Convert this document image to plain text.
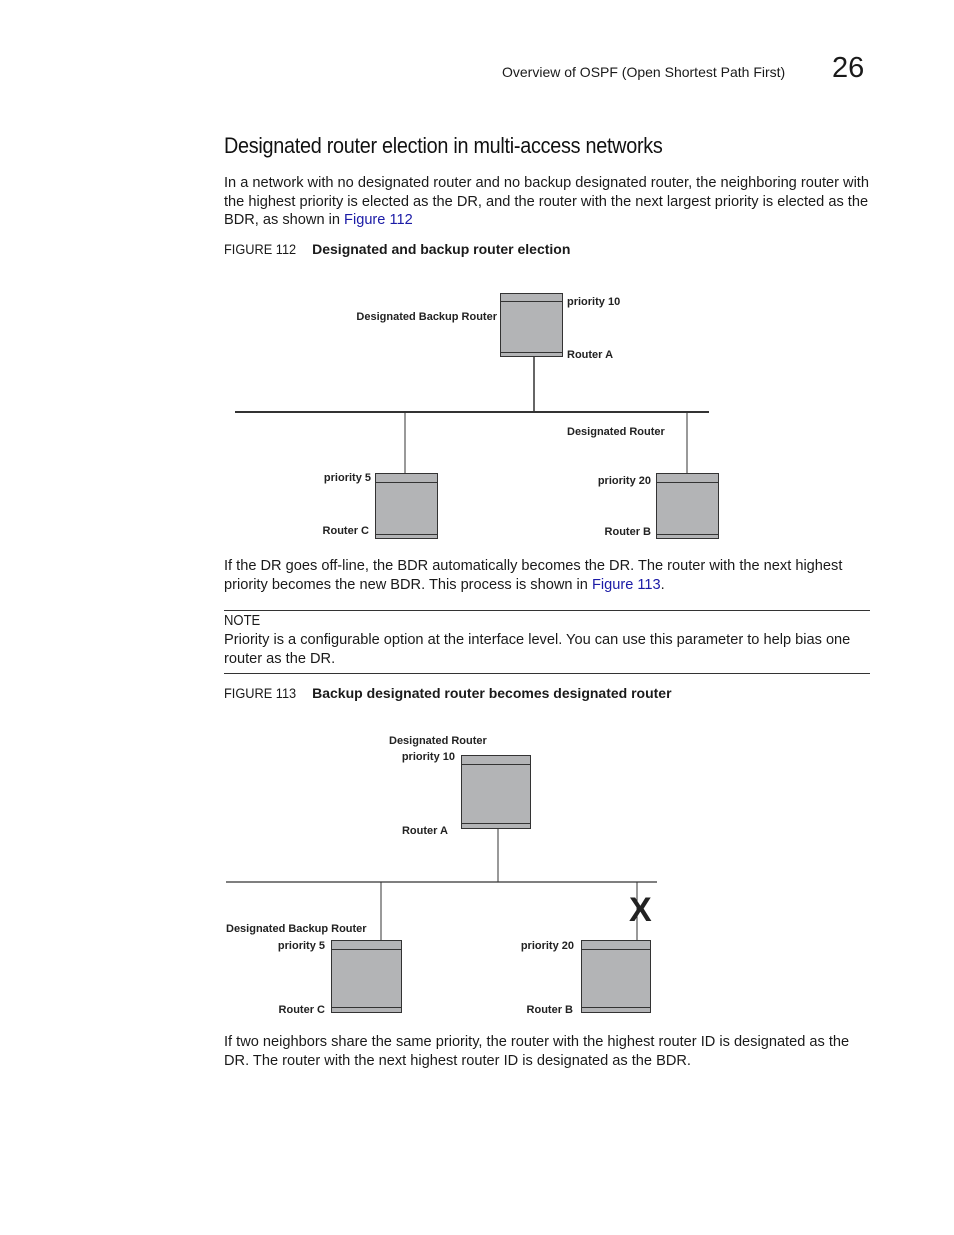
Overview of OSPF (Open Shortest Path First) 26
Designated router election in multi-access networks

In a network with no designated router and no backup designated router, the neighboring router with the highest priority is elected as the DR, and the router with the next largest priority is elected as the BDR, as shown in Figure 112

FIGURE 112 Designated and backup router election
Designated Backup Router
priority 10
Router A
Designated Router
priority 20
Router B
priority 5
Router C

If the DR goes off-line, the BDR automatically becomes the DR. The router with the next highest priority becomes the new BDR. This process is shown in Figure 113.

NOTE

Priority is a configurable option at the interface level. You can use this parameter to help bias one router as the DR.

FIGURE 113 Backup designated router becomes designated router
X
Designated Router
priority 10
Router A
Designated Backup Router
priority 5
Router C
priority 20
Router B

If two neighbors share the same priority, the router with the highest router ID is designated as the DR. The router with the next highest router ID is designated as the BDR.
